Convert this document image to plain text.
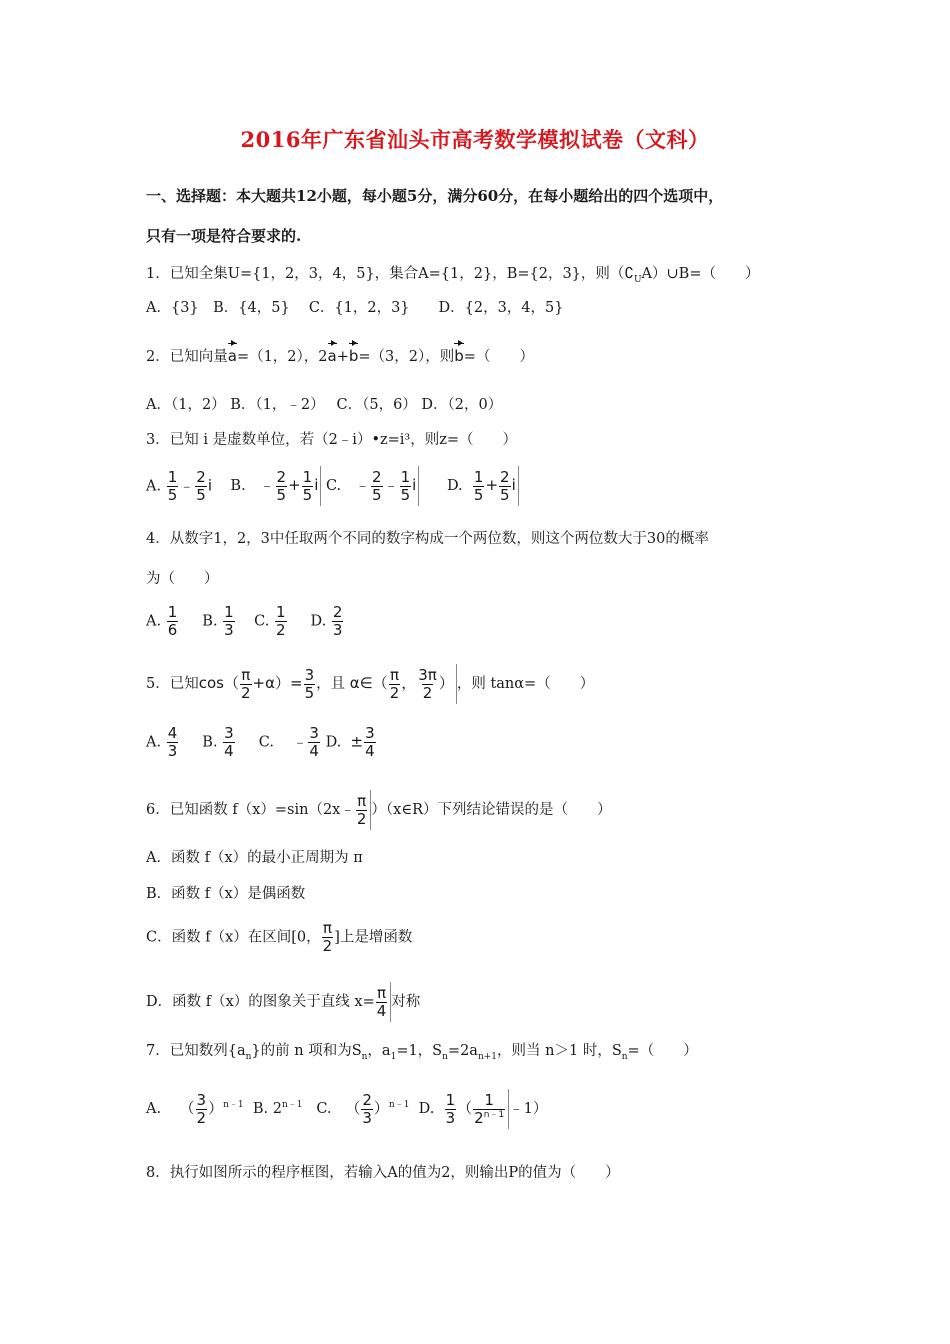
2016年广东省汕头市高考数学模拟试卷（文科）
一、选择题：本大题共12小题，每小题5分，满分60分，在每小题给出的四个选项中，
只有一项是符合要求的.
1．已知全集U={1，2，3，4，5}，集合A={1，2}，B={2，3}，则$(∁_UA)\cup B=$（　　）
A．{3}　B．{4，5}　 C．{1，2，3}　　D．{2，3，4，5}
2．已知向量a=（1，2），2a+b=（3，2），则b=（　　）
A．（1，2） B．（1，﹣2）　 C．（5，6） D．（2，0）
3．已知 i 是虚数单位，若（2﹣i）•z=i³，则z=（　　）
A. $\frac{1}{5}$ ﹣ $\frac{2}{5}$ i B. ﹣ $\frac{2}{5} + \frac{1}{5}$ i C. ﹣ $\frac{2}{5}$ ﹣ $\frac{1}{5}$ i D. $\frac{1}{5} + \frac{2}{5}$ i
4．从数字1，2，3中任取两个不同的数字构成一个两位数，则这个两位数大于30的概率
为（　　）
A. $\frac{1}{6} B$. $\frac{1}{3} C$. $\frac{1}{2} D$. $\frac{2}{3}$
5．已知$\cos( \frac{\pi}{2} +\alpha)= \frac{3}{5}$ ，且 α∈（ $\frac{\pi}{2}$ ， $\frac{3\pi}{2}$ ） ，则 tanα=（　　）
A. $\frac{4}{3} B$. $\frac{3}{4} C$. ﹣ $\frac{3}{4} D$. ± $\frac{3}{4}$
6．已知函数 f（x）=sin（2x﹣ $\frac{\pi}{2}$ ）（x∈R）下列结论错误的是（　　）
A．函数 f（x）的最小正周期为 π
B．函数 f（x）是偶函数
C．函数 f（x）在区间[0， $\frac{\pi}{2}$ ]上是增函数
D．函数 f（x）的图象关于直线 $x= \frac{\pi}{4}$ 对称
7．已知数列$\{a_n\}$的前 n 项和为$S_n$，$a_1=1$，$S_n=2a_{n+1}$，则当 n＞1 时，$S_n=$（　　）
A. （ $\frac{3}{2} )^{n﹣1}$ B. $2^{n﹣1}$ C. （ $\frac{2}{3} )^{n﹣1}$ D. $\frac{1}{3}$ （ $\frac{1}{2^{n﹣1}}$ ﹣1）
8．执行如图所示的程序框图，若输入A的值为2，则输出P的值为（　　）
